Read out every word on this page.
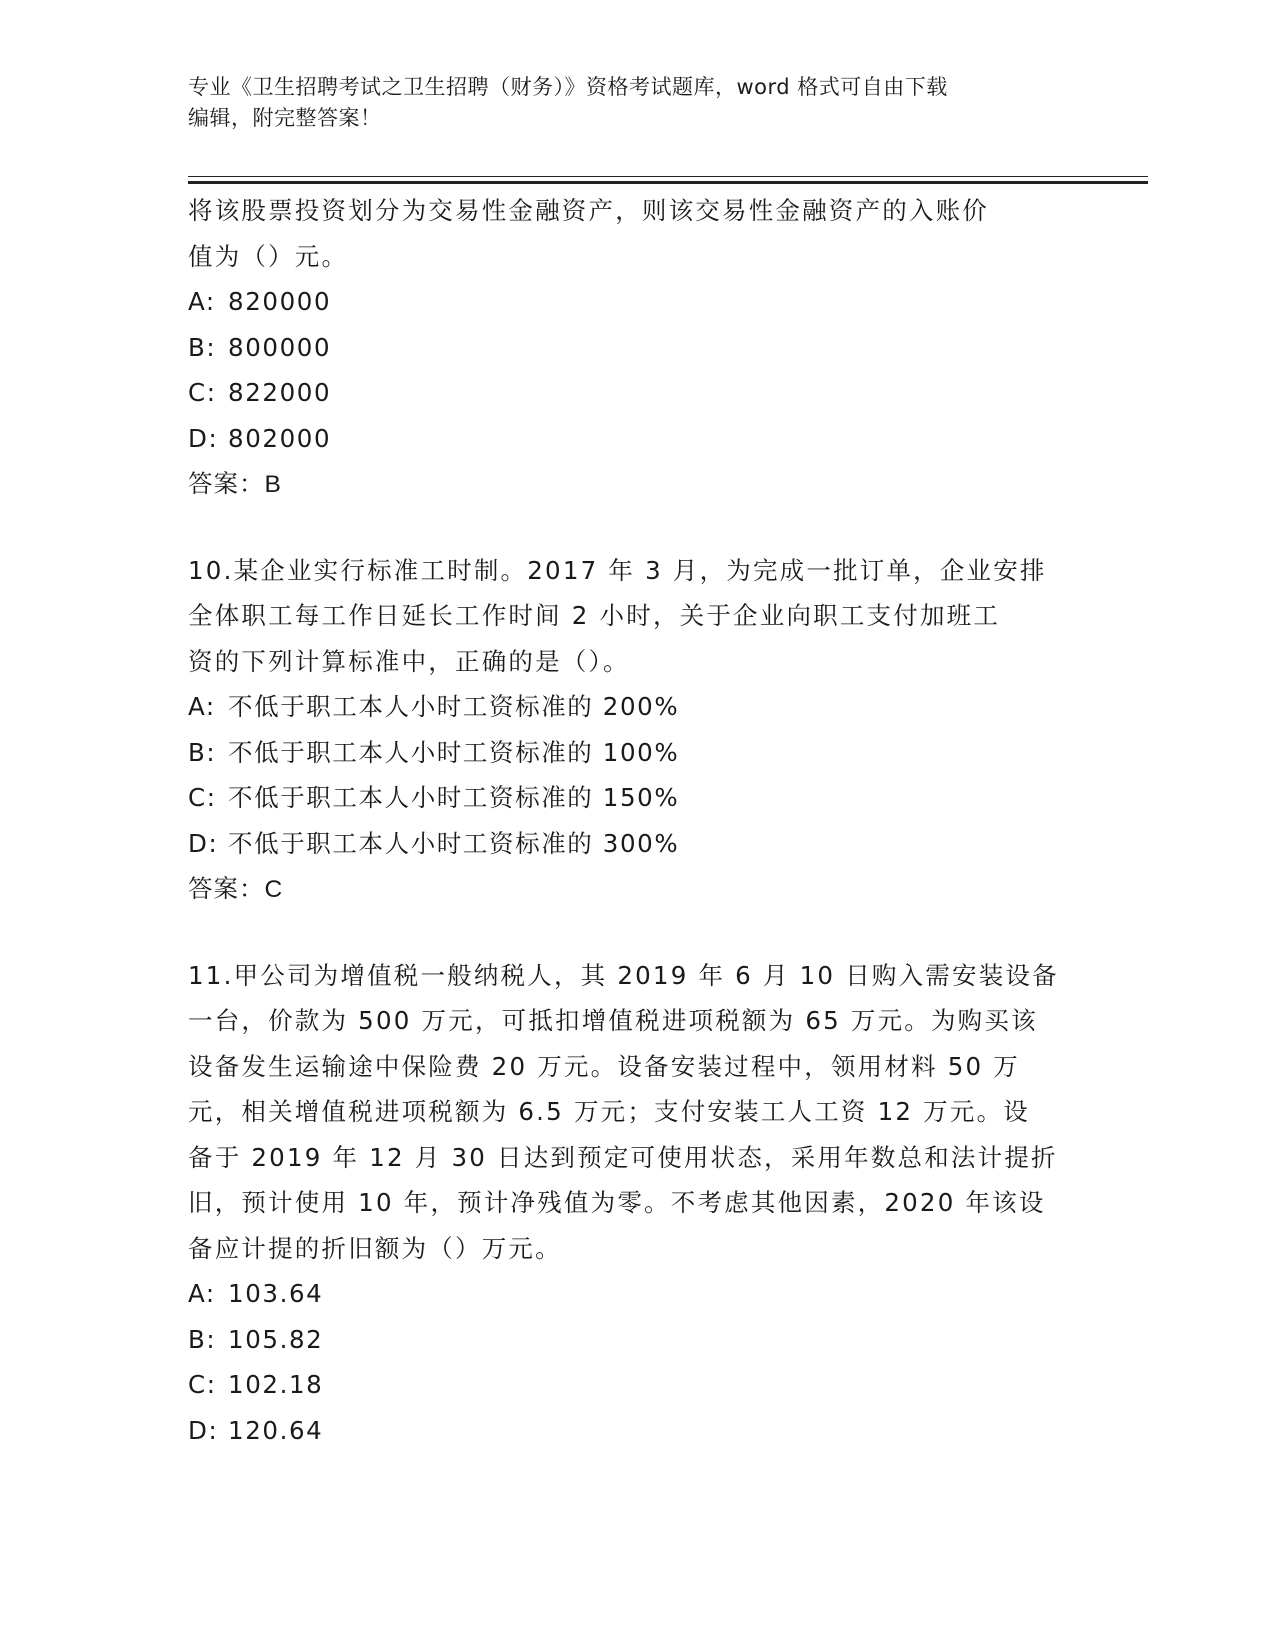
专业《卫生招聘考试之卫生招聘（财务）》资格考试题库，word 格式可自由下载
编辑，附完整答案！

将该股票投资划分为交易性金融资产，则该交易性金融资产的入账价

值为（）元。

A: 820000

B: 800000

C: 822000

D: 802000

答案：B

10.某企业实行标准工时制。2017 年 3 月，为完成一批订单，企业安排

全体职工每工作日延长工作时间 2 小时，关于企业向职工支付加班工

资的下列计算标准中，正确的是（）。

A: 不低于职工本人小时工资标准的 200%

B: 不低于职工本人小时工资标准的 100%

C: 不低于职工本人小时工资标准的 150%

D: 不低于职工本人小时工资标准的 300%

答案：C

11.甲公司为增值税一般纳税人，其 2019 年 6 月 10 日购入需安装设备

一台，价款为 500 万元，可抵扣增值税进项税额为 65 万元。为购买该

设备发生运输途中保险费 20 万元。设备安装过程中，领用材料 50 万

元，相关增值税进项税额为 6.5 万元；支付安装工人工资 12 万元。设

备于 2019 年 12 月 30 日达到预定可使用状态，采用年数总和法计提折

旧，预计使用 10 年，预计净残值为零。不考虑其他因素，2020 年该设

备应计提的折旧额为（）万元。

A: 103.64

B: 105.82

C: 102.18

D: 120.64
